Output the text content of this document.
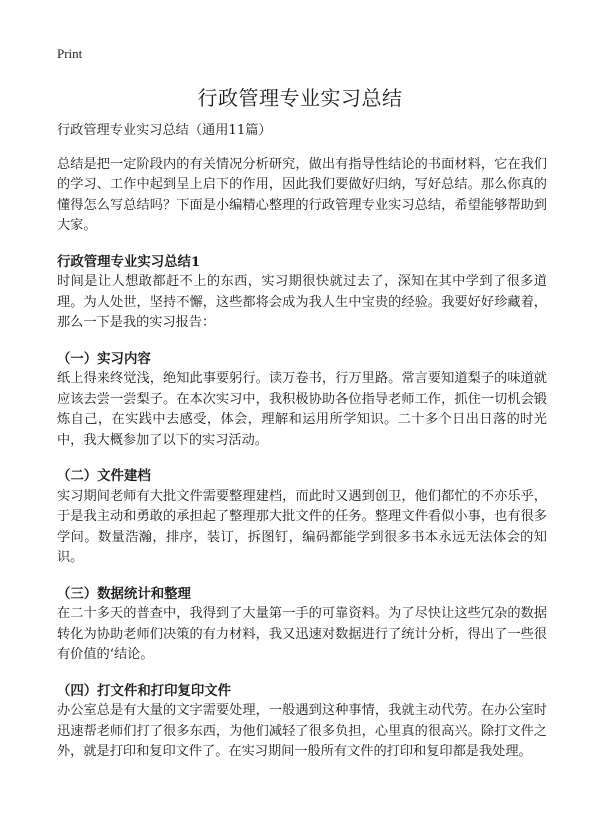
Print
行政管理专业实习总结

行政管理专业实习总结（通用11篇）

总结是把一定阶段内的有关情况分析研究，做出有指导性结论的书面材料，它在我们的学习、工作中起到呈上启下的作用，因此我们要做好归纳，写好总结。那么你真的懂得怎么写总结吗？下面是小编精心整理的行政管理专业实习总结，希望能够帮助到大家。

行政管理专业实习总结1

时间是让人想敢都赶不上的东西，实习期很快就过去了，深知在其中学到了很多道理。为人处世，坚持不懈，这些都将会成为我人生中宝贵的经验。我要好好珍藏着，那么一下是我的实习报告：

（一）实习内容

纸上得来终觉浅，绝知此事要躬行。读万卷书，行万里路。常言要知道梨子的味道就应该去尝一尝梨子。在本次实习中，我积极协助各位指导老师工作，抓住一切机会锻炼自己，在实践中去感受，体会，理解和运用所学知识。二十多个日出日落的时光中，我大概参加了以下的实习活动。

（二）文件建档

实习期间老师有大批文件需要整理建档，而此时又遇到创卫，他们都忙的不亦乐乎，于是我主动和勇敢的承担起了整理那大批文件的任务。整理文件看似小事，也有很多学问。数量浩瀚，排序，装订，拆图钉，编码都能学到很多书本永远无法体会的知识。

（三）数据统计和整理

在二十多天的普查中，我得到了大量第一手的可靠资料。为了尽快让这些冗杂的数据转化为协助老师们决策的有力材料，我又迅速对数据进行了统计分析，得出了一些很有价值的‘结论。

（四）打文件和打印复印文件

办公室总是有大量的文字需要处理，一般遇到这种事情，我就主动代劳。在办公室时迅速帮老师们打了很多东西，为他们减轻了很多负担，心里真的很高兴。除打文件之外，就是打印和复印文件了。在实习期间一般所有文件的打印和复印都是我处理。
